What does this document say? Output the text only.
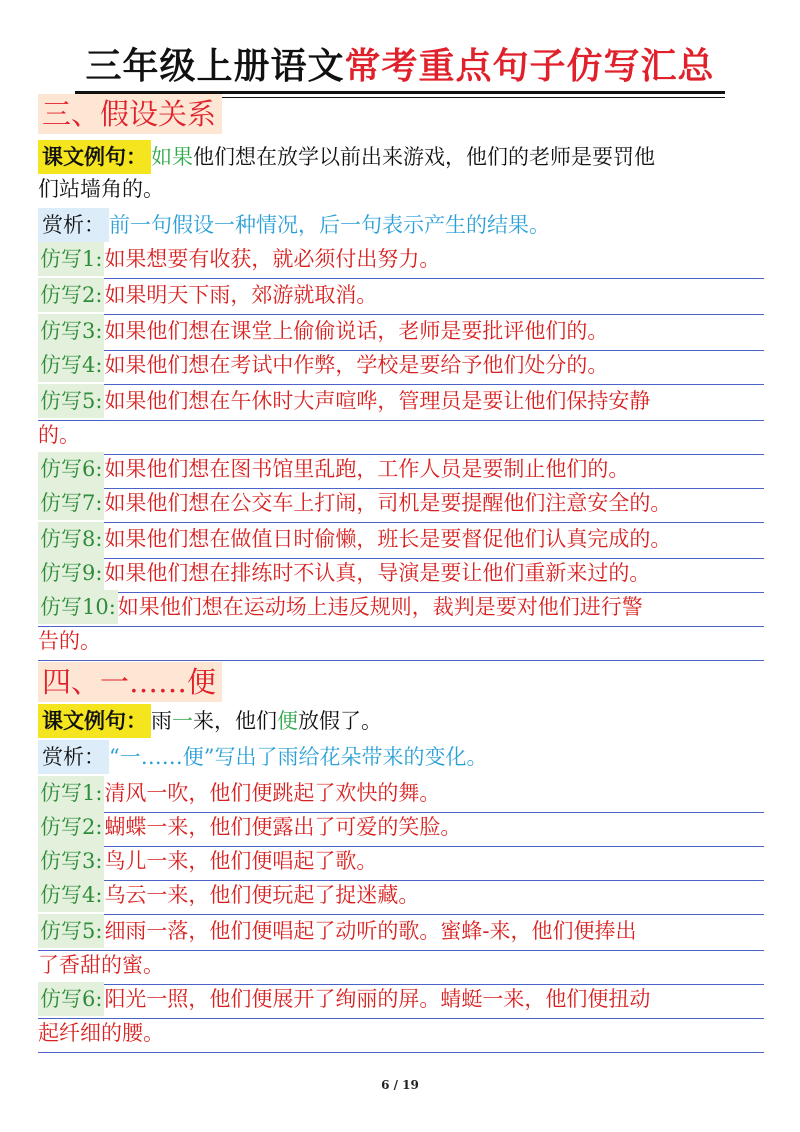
三年级上册语文常考重点句子仿写汇总
三、假设关系
课文例句： 如果他们想在放学以前出来游戏，他们的老师是要罚他
们站墙角的。
赏析： 前一句假设一种情况，后一句表示产生的结果。
仿写1:如果想要有收获，就必须付出努力。
仿写2:如果明天下雨，郊游就取消。
仿写3:如果他们想在课堂上偷偷说话，老师是要批评他们的。
仿写4:如果他们想在考试中作弊，学校是要给予他们处分的。
仿写5:如果他们想在午休时大声喧哗，管理员是要让他们保持安静
的。
仿写6:如果他们想在图书馆里乱跑，工作人员是要制止他们的。
仿写7:如果他们想在公交车上打闹，司机是要提醒他们注意安全的。
仿写8:如果他们想在做值日时偷懒，班长是要督促他们认真完成的。
仿写9:如果他们想在排练时不认真，导演是要让他们重新来过的。
仿写10:如果他们想在运动场上违反规则，裁判是要对他们进行警
告的。
四、一……便
课文例句： 雨一来，他们便放假了。
赏析： “一……便”写出了雨给花朵带来的变化。
仿写1:清风一吹，他们便跳起了欢快的舞。
仿写2:蝴蝶一来，他们便露出了可爱的笑脸。
仿写3:鸟儿一来，他们便唱起了歌。
仿写4:乌云一来，他们便玩起了捉迷藏。
仿写5:细雨一落，他们便唱起了动听的歌。蜜蜂-来，他们便捧出
了香甜的蜜。
仿写6:阳光一照，他们便展开了绚丽的屏。蜻蜓一来，他们便扭动
起纤细的腰。
6 / 19
